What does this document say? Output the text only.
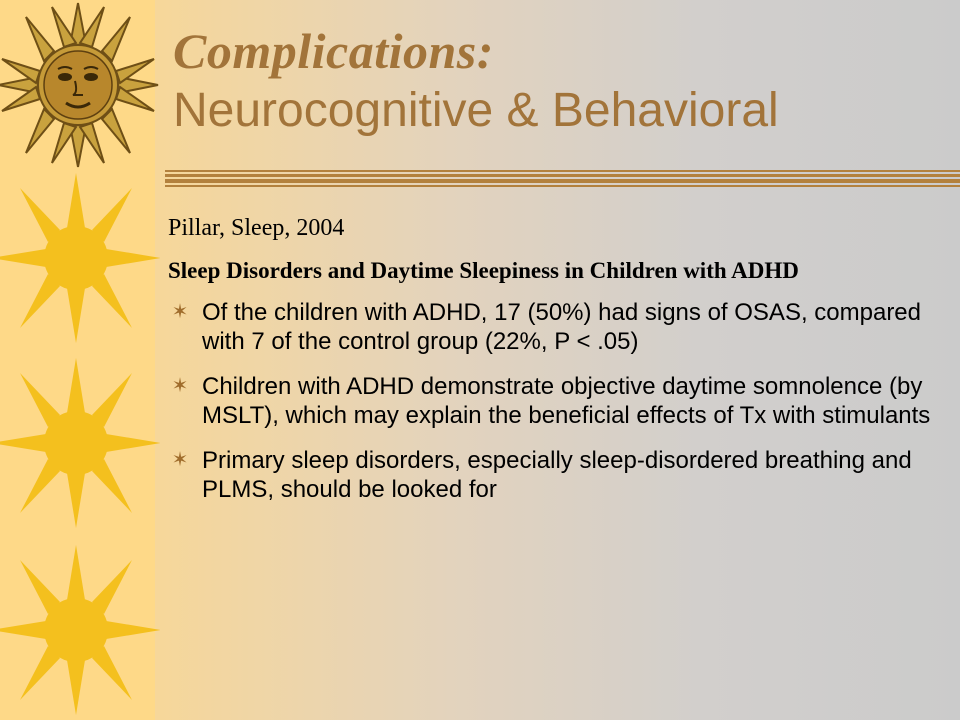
Complications:
Neurocognitive & Behavioral
Pillar, Sleep, 2004
Sleep Disorders and Daytime Sleepiness in Children with ADHD
✶ Of the children with ADHD, 17 (50%) had signs of OSAS, compared with 7 of the control group (22%, P < .05)
✶ Children with ADHD demonstrate objective daytime somnolence (by MSLT), which may explain the beneficial effects of Tx with stimulants
✶ Primary sleep disorders, especially sleep-disordered breathing and PLMS, should be looked for
